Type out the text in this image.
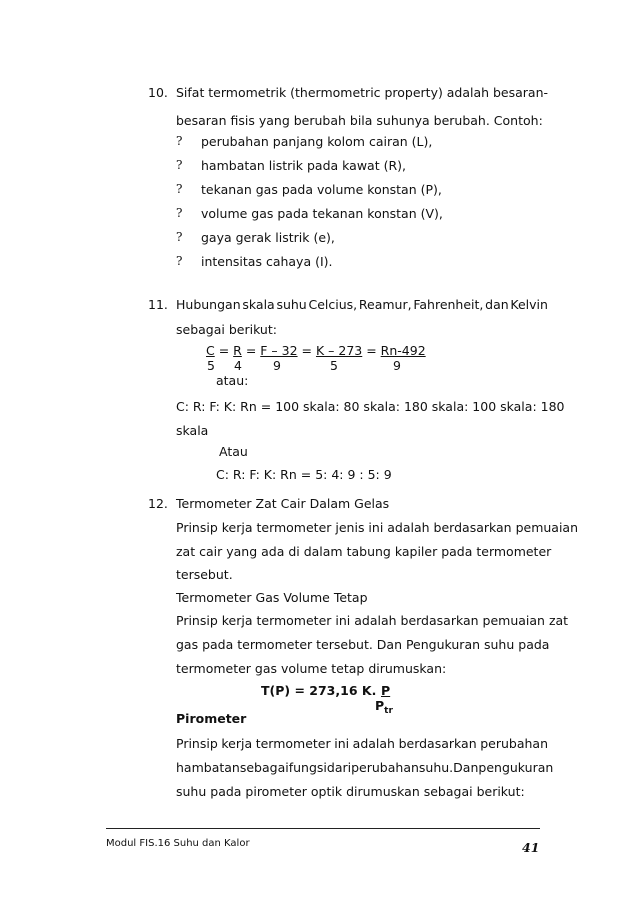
10. Sifat termometrik (thermometric property) adalah besaran-
besaran fisis yang berubah bila suhunya berubah. Contoh:
? perubahan panjang kolom cairan (L),
? hambatan listrik pada kawat (R),
? tekanan gas pada volume konstan (P),
? volume gas pada tekanan konstan (V),
? gaya gerak listrik (e),
? intensitas cahaya (I).
11. Hubungan skala suhu Celcius, Reamur, Fahrenheit, dan Kelvin
sebagai berikut:
C = R = F – 32 = K – 273 = Rn-492
5 4 9	5	9
atau:
C: R: F: K: Rn = 100 skala: 80 skala: 180 skala: 100 skala: 180
skala
Atau
C: R: F: K: Rn = 5: 4: 9 : 5: 9
12. Termometer Zat Cair Dalam Gelas
Prinsip kerja termometer jenis ini adalah berdasarkan pemuaian
zat cair yang ada di dalam tabung kapiler pada termometer
tersebut.
Termometer Gas Volume Tetap
Prinsip kerja termometer ini adalah berdasarkan pemuaian zat
gas pada termometer tersebut. Dan Pengukuran suhu pada
termometer gas volume tetap dirumuskan:
T(P) = 273,16 K. P
$P_{tr}$
Pirometer
Prinsip kerja termometer ini adalah berdasarkan perubahan
hambatan sebagai fungsi dari perubahan suhu. Dan pengukuran
suhu pada pirometer optik dirumuskan sebagai berikut:
Modul FIS.16 Suhu dan Kalor	41
